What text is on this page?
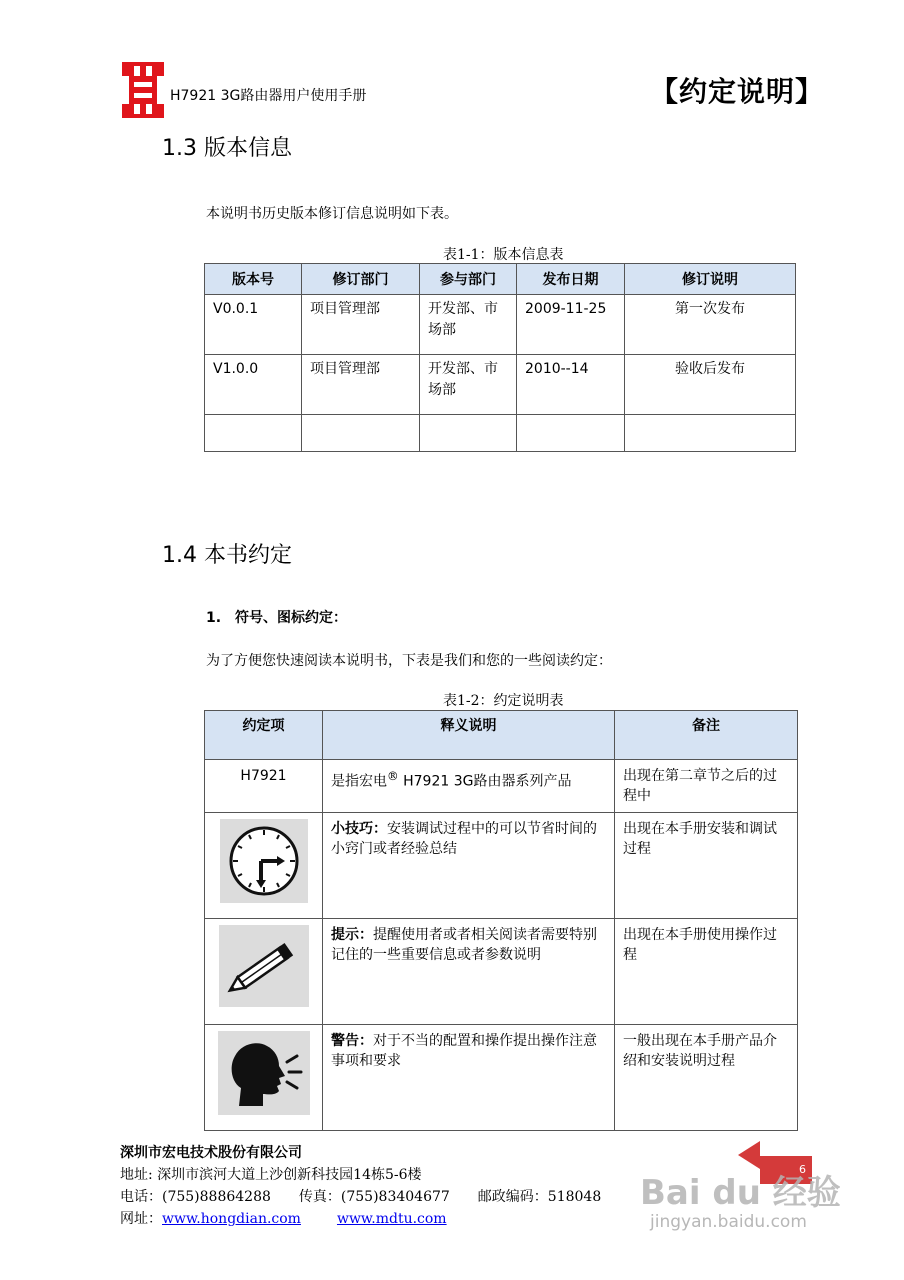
H7921 3G路由器用户使用手册	【约定说明】
1.3 版本信息
本说明书历史版本修订信息说明如下表。
表1-1：版本信息表
版本号	修订部门	参与部门	发布日期	修订说明
V0.0.1	项目管理部	开发部、市场部	2009-11-25	第一次发布
V1.0.0	项目管理部	开发部、市场部	2010--14	验收后发布

1.4 本书约定
1.　符号、图标约定：
为了方便您快速阅读本说明书，下表是我们和您的一些阅读约定：
表1-2：约定说明表
约定项	释义说明	备注
H7921	是指宏电® H7921 3G路由器系列产品	出现在第二章节之后的过程中

	小技巧：安装调试过程中的可以节省时间的小窍门或者经验总结	出现在本手册安装和调试过程

	提示：提醒使用者或者相关阅读者需要特别记住的一些重要信息或者参数说明	出现在本手册使用操作过程

	警告：对于不当的配置和操作提出操作注意事项和要求	一般出现在本手册产品介绍和安装说明过程
深圳市宏电技术股份有限公司
地址: 深圳市滨河大道上沙创新科技园14栋5-6楼
电话：(755)88864288　　传真：(755)83404677　　邮政编码：518048
网址：www.hongdian.com	www.mdtu.com
6
Bai du 经验
jingyan.baidu.com
